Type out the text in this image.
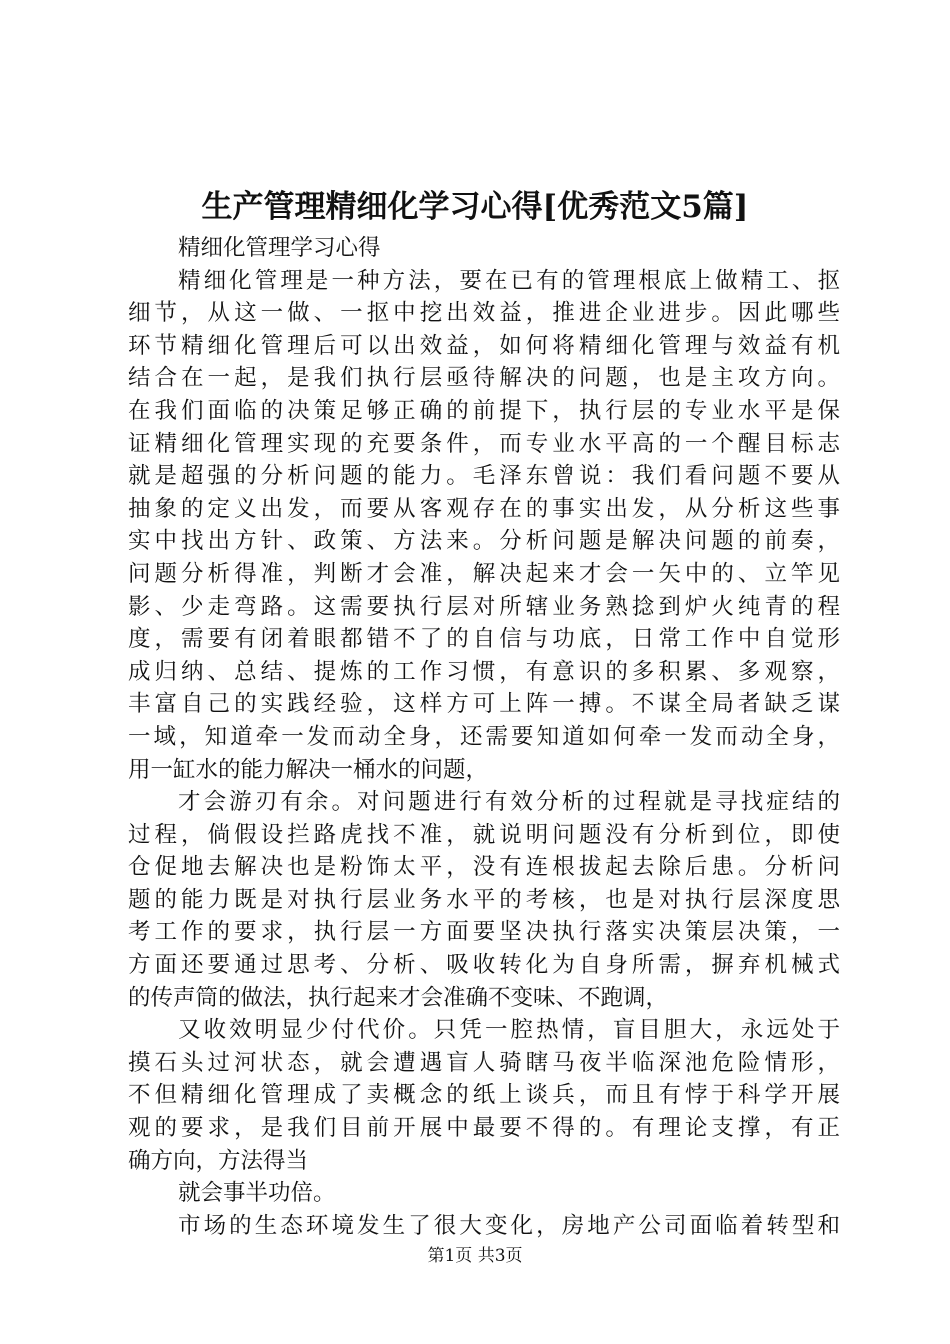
生产管理精细化学习心得[优秀范文5篇]
精细化管理学习心得
精细化管理是一种方法，要在已有的管理根底上做精工、抠
细节，从这一做、一抠中挖出效益，推进企业进步。因此哪些
环节精细化管理后可以出效益，如何将精细化管理与效益有机
结合在一起，是我们执行层亟待解决的问题，也是主攻方向。
在我们面临的决策足够正确的前提下，执行层的专业水平是保
证精细化管理实现的充要条件，而专业水平高的一个醒目标志
就是超强的分析问题的能力。毛泽东曾说：我们看问题不要从
抽象的定义出发，而要从客观存在的事实出发，从分析这些事
实中找出方针、政策、方法来。分析问题是解决问题的前奏，
问题分析得准，判断才会准，解决起来才会一矢中的、立竿见
影、少走弯路。这需要执行层对所辖业务熟捻到炉火纯青的程
度，需要有闭着眼都错不了的自信与功底，日常工作中自觉形
成归纳、总结、提炼的工作习惯，有意识的多积累、多观察，
丰富自己的实践经验，这样方可上阵一搏。不谋全局者缺乏谋
一域，知道牵一发而动全身，还需要知道如何牵一发而动全身，
用一缸水的能力解决一桶水的问题，
才会游刃有余。对问题进行有效分析的过程就是寻找症结的
过程，倘假设拦路虎找不准，就说明问题没有分析到位，即使
仓促地去解决也是粉饰太平，没有连根拔起去除后患。分析问
题的能力既是对执行层业务水平的考核，也是对执行层深度思
考工作的要求，执行层一方面要坚决执行落实决策层决策，一
方面还要通过思考、分析、吸收转化为自身所需，摒弃机械式
的传声筒的做法，执行起来才会准确不变味、不跑调，
又收效明显少付代价。只凭一腔热情，盲目胆大，永远处于
摸石头过河状态，就会遭遇盲人骑瞎马夜半临深池危险情形，
不但精细化管理成了卖概念的纸上谈兵，而且有悖于科学开展
观的要求，是我们目前开展中最要不得的。有理论支撑，有正
确方向，方法得当
就会事半功倍。
市场的生态环境发生了很大变化，房地产公司面临着转型和
第1页 共3页
